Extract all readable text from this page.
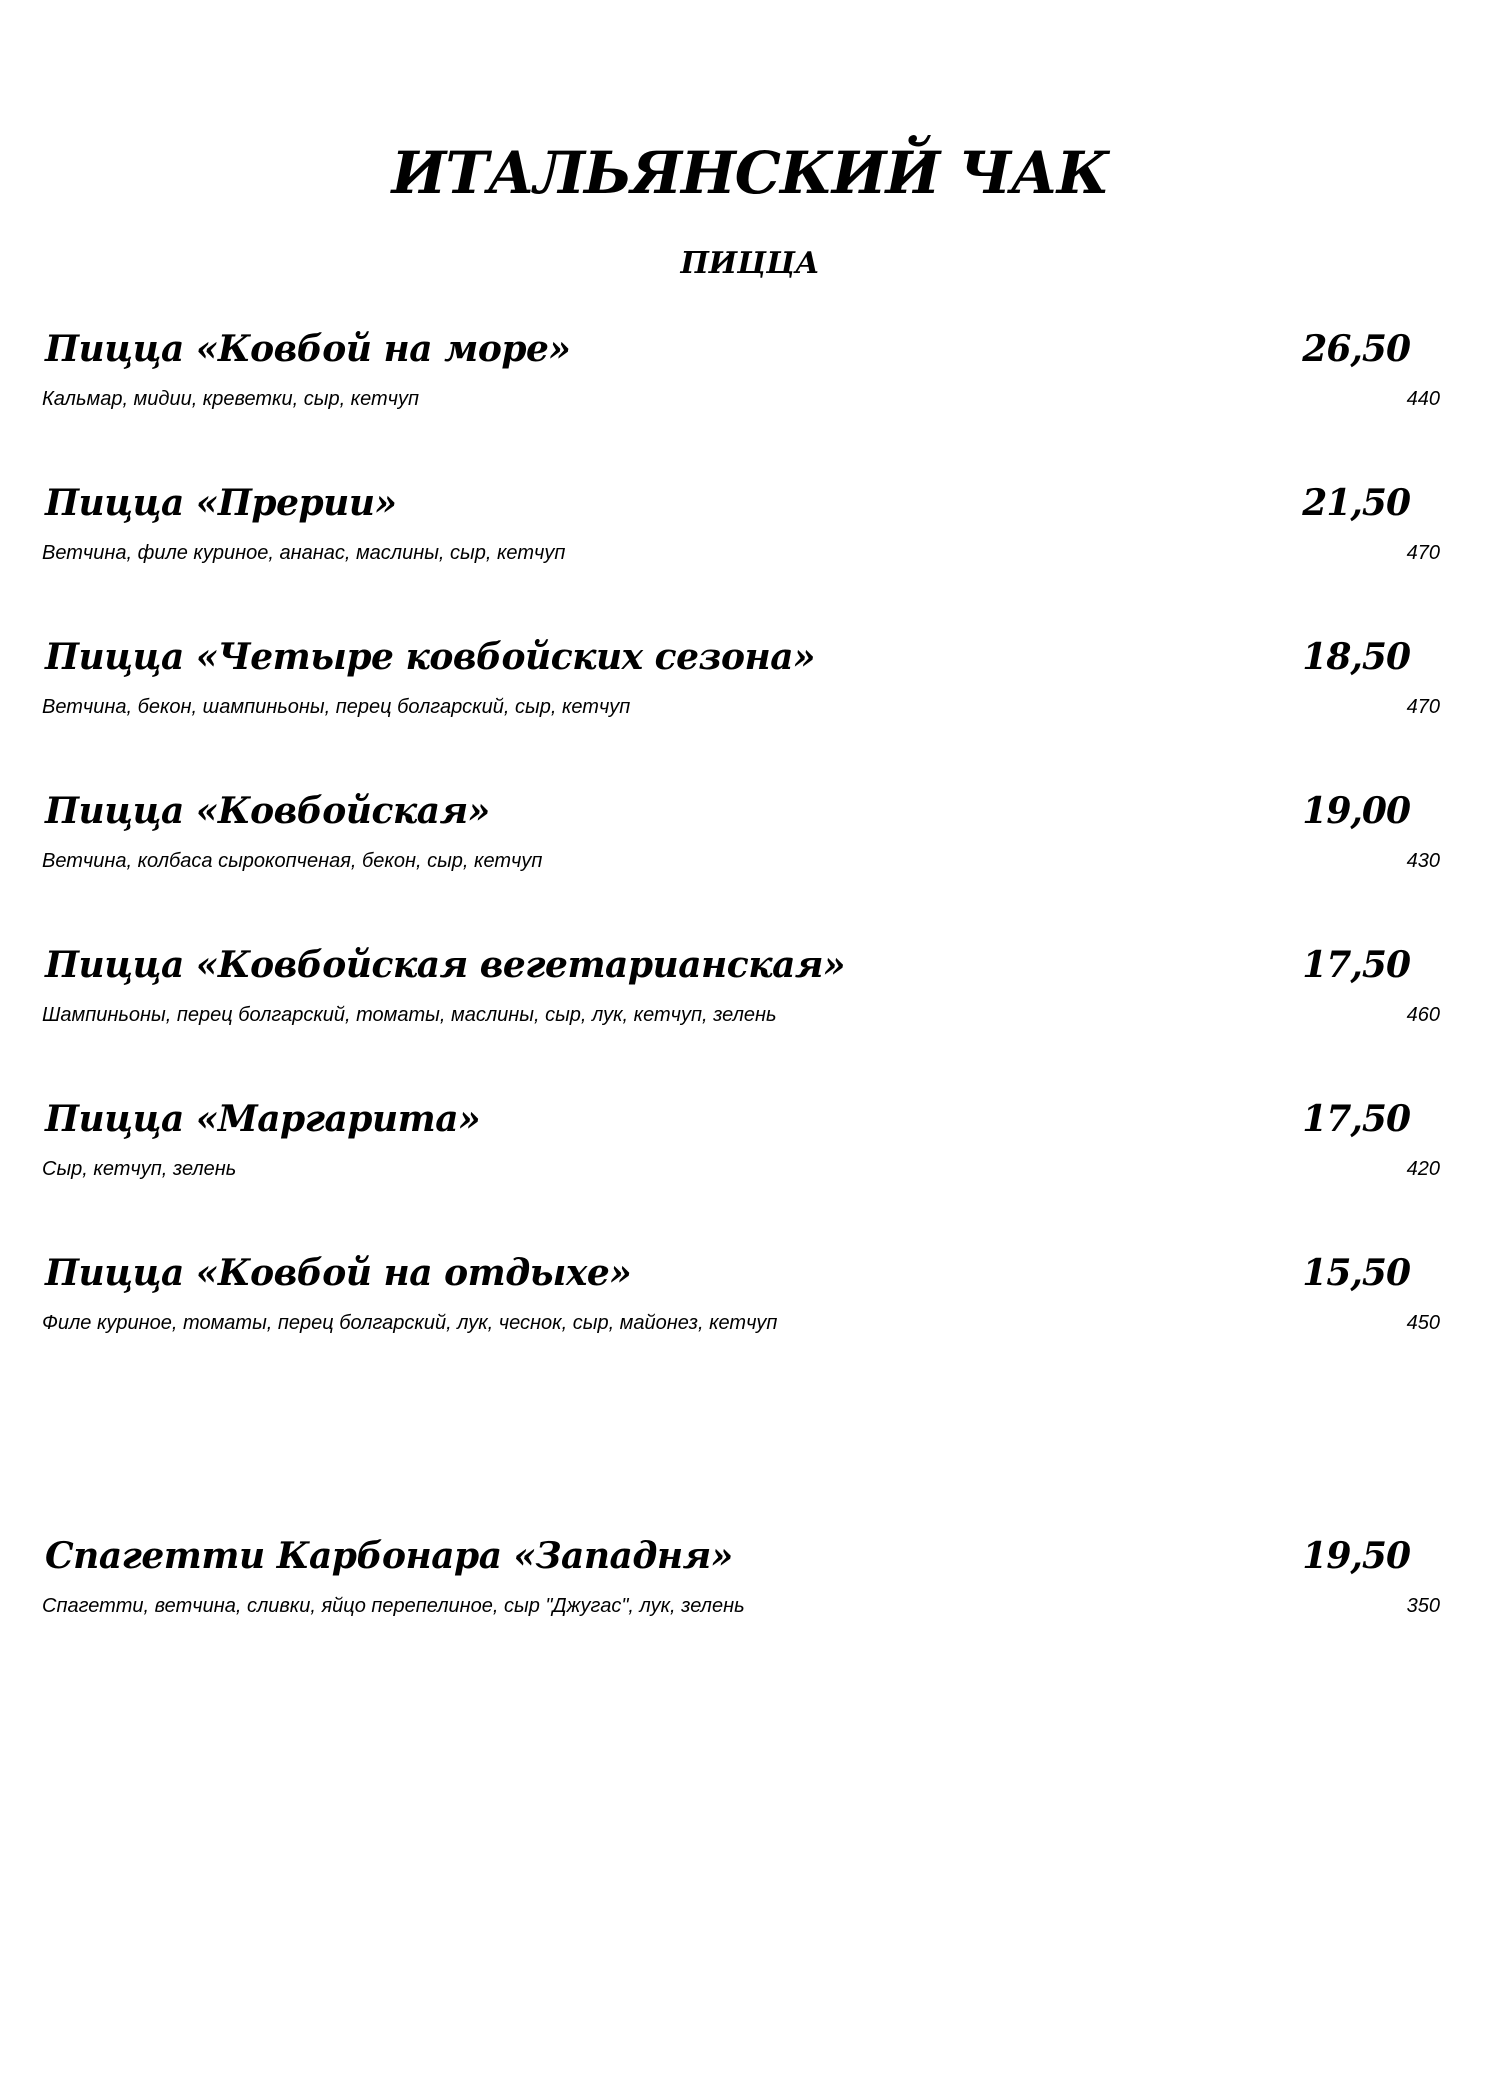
ИТАЛЬЯНСКИЙ ЧАК
ПИЦЦА
Пицца «Ковбой на море»	26,50
Кальмар, мидии, креветки, сыр, кетчуп	440
Пицца «Прерии»	21,50
Ветчина, филе куриное, ананас, маслины, сыр, кетчуп	470
Пицца «Четыре ковбойских сезона»	18,50
Ветчина, бекон, шампиньоны, перец болгарский, сыр, кетчуп	470
Пицца «Ковбойская»	19,00
Ветчина, колбаса сырокопченая, бекон, сыр, кетчуп	430
Пицца «Ковбойская вегетарианская»	17,50
Шампиньоны, перец болгарский, томаты, маслины, сыр, лук, кетчуп, зелень	460
Пицца «Маргарита»	17,50
Сыр, кетчуп, зелень	420
Пицца «Ковбой на отдыхе»	15,50
Филе куриное, томаты, перец болгарский, лук, чеснок, сыр, майонез, кетчуп	450
Спагетти Карбонара «Западня»	19,50
Спагетти, ветчина, сливки, яйцо перепелиное, сыр "Джугас", лук, зелень	350
